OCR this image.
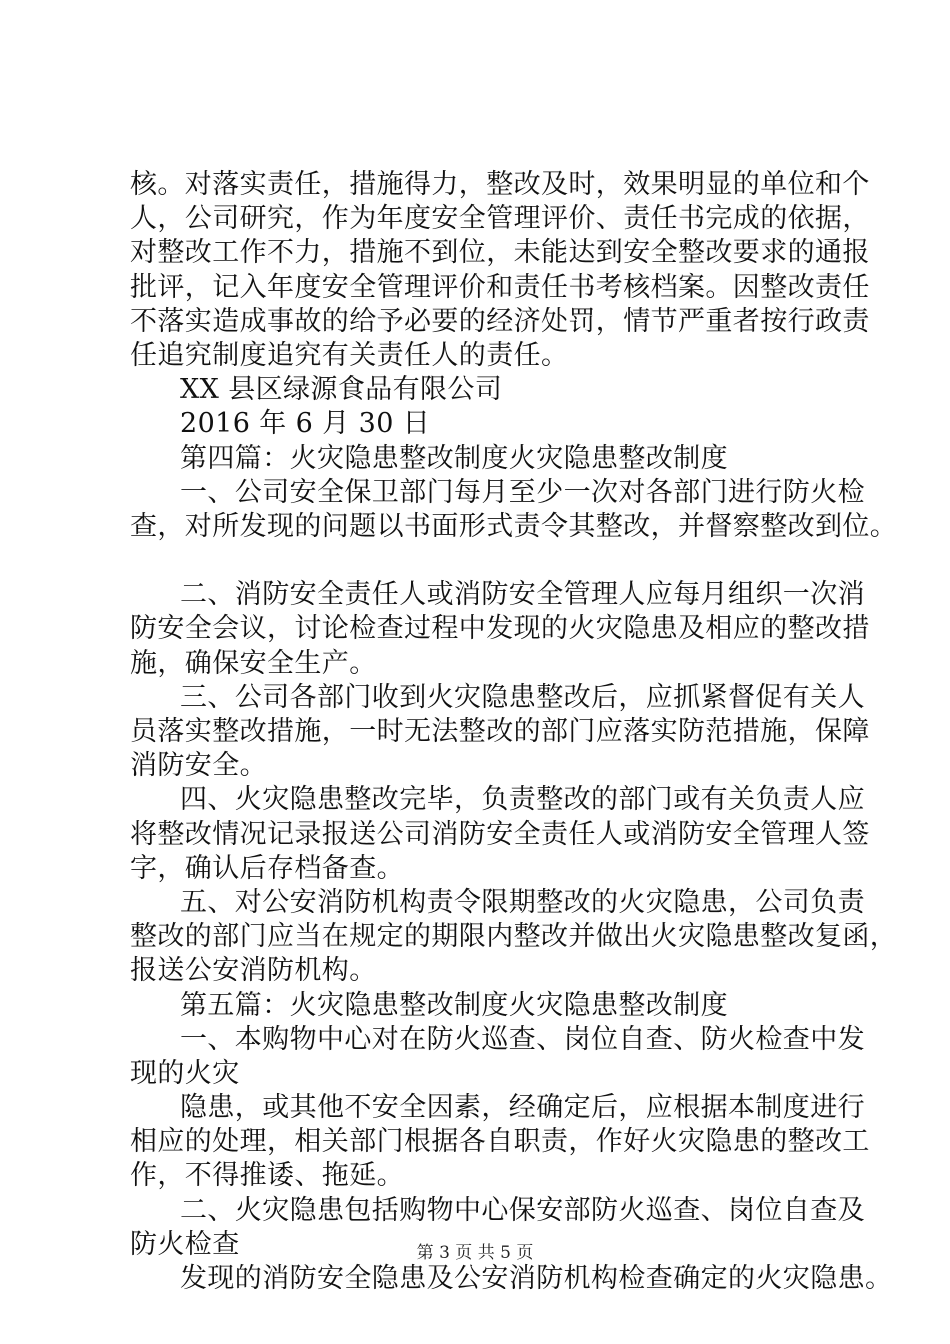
核。对落实责任，措施得力，整改及时，效果明显的单位和个
人，公司研究，作为年度安全管理评价、责任书完成的依据，
对整改工作不力，措施不到位，未能达到安全整改要求的通报
批评，记入年度安全管理评价和责任书考核档案。因整改责任
不落实造成事故的给予必要的经济处罚，情节严重者按行政责
任追究制度追究有关责任人的责任。
XX 县区绿源食品有限公司
2016 年 6 月 30 日
第四篇：火灾隐患整改制度火灾隐患整改制度
一、公司安全保卫部门每月至少一次对各部门进行防火检
查，对所发现的问题以书面形式责令其整改，并督察整改到位。
二、消防安全责任人或消防安全管理人应每月组织一次消
防安全会议，讨论检查过程中发现的火灾隐患及相应的整改措
施，确保安全生产。
三、公司各部门收到火灾隐患整改后，应抓紧督促有关人
员落实整改措施，一时无法整改的部门应落实防范措施，保障
消防安全。
四、火灾隐患整改完毕，负责整改的部门或有关负责人应
将整改情况记录报送公司消防安全责任人或消防安全管理人签
字，确认后存档备查。
五、对公安消防机构责令限期整改的火灾隐患，公司负责
整改的部门应当在规定的期限内整改并做出火灾隐患整改复函，
报送公安消防机构。
第五篇：火灾隐患整改制度火灾隐患整改制度
一、本购物中心对在防火巡查、岗位自查、防火检查中发
现的火灾
隐患，或其他不安全因素，经确定后，应根据本制度进行
相应的处理，相关部门根据各自职责，作好火灾隐患的整改工
作，不得推诿、拖延。
二、火灾隐患包括购物中心保安部防火巡查、岗位自查及
防火检查
发现的消防安全隐患及公安消防机构检查确定的火灾隐患。
第 3 页 共 5 页
